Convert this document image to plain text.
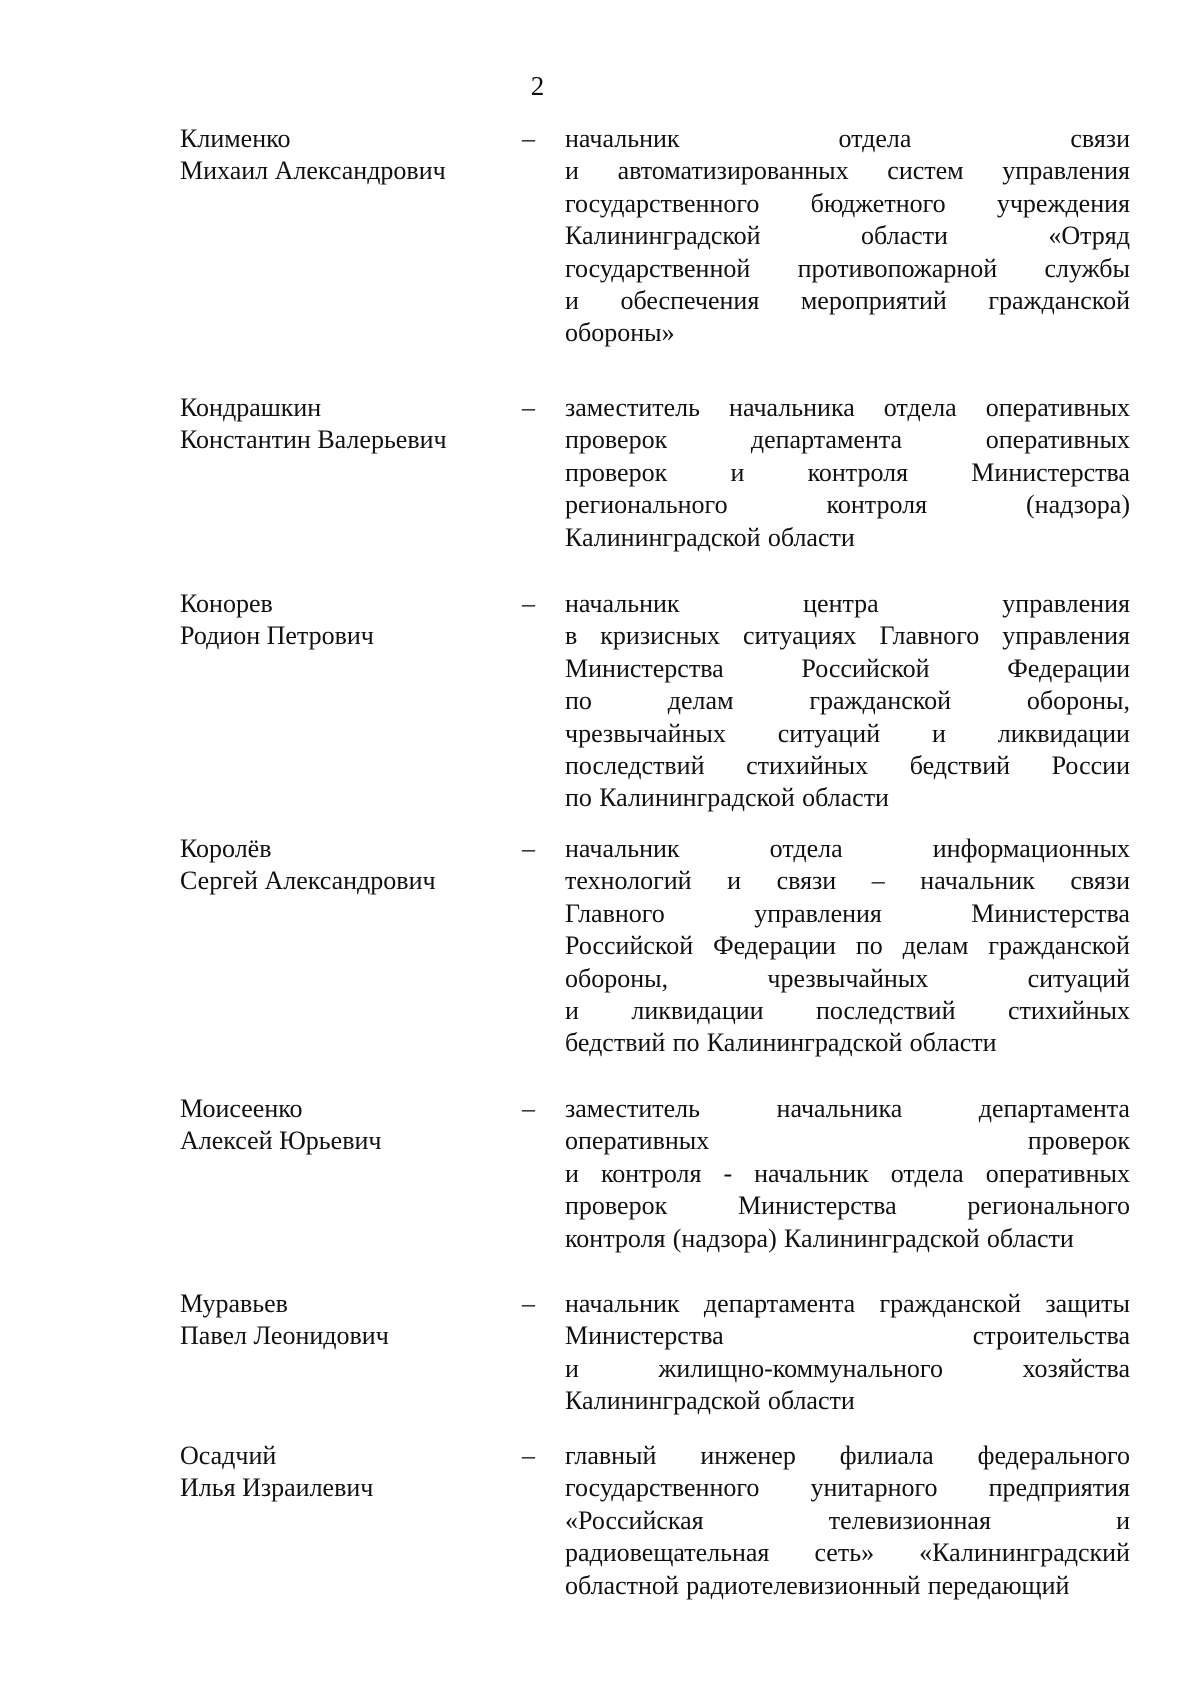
2
Клименко
Михаил Александрович
– начальник	отдела	связи
и автоматизированных систем управления
государственного бюджетного учреждения
Калининградской	области	«Отряд
государственной противопожарной службы
и обеспечения мероприятий гражданской
обороны»
Кондрашкин
Константин Валерьевич
– заместитель начальника отдела оперативных
проверок	департамента	оперативных
проверок и контроля Министерства
регионального	контроля	(надзора)
Калининградской области
Конорев
Родион Петрович
– начальник	центра	управления
в кризисных ситуациях Главного управления
Министерства	Российской	Федерации
по	делам	гражданской	обороны,
чрезвычайных ситуаций и ликвидации
последствий стихийных бедствий России
по Калининградской области
Королёв
Сергей Александрович
– начальник	отдела	информационных
технологий и связи – начальник связи
Главного	управления	Министерства
Российской Федерации по делам гражданской
обороны,	чрезвычайных	ситуаций
и ликвидации последствий стихийных
бедствий по Калининградской области
Моисеенко
Алексей Юрьевич
– заместитель	начальника	департамента
оперативных	проверок
и контроля - начальник отдела оперативных
проверок	Министерства	регионального
контроля (надзора) Калининградской области
Муравьев
Павел Леонидович
– начальник департамента гражданской защиты
Министерства	строительства
и	жилищно-коммунального	хозяйства
Калининградской области
Осадчий
Илья Израилевич
– главный инженер филиала федерального
государственного унитарного предприятия
«Российская	телевизионная	и
радиовещательная сеть» «Калининградский
областной радиотелевизионный передающий
